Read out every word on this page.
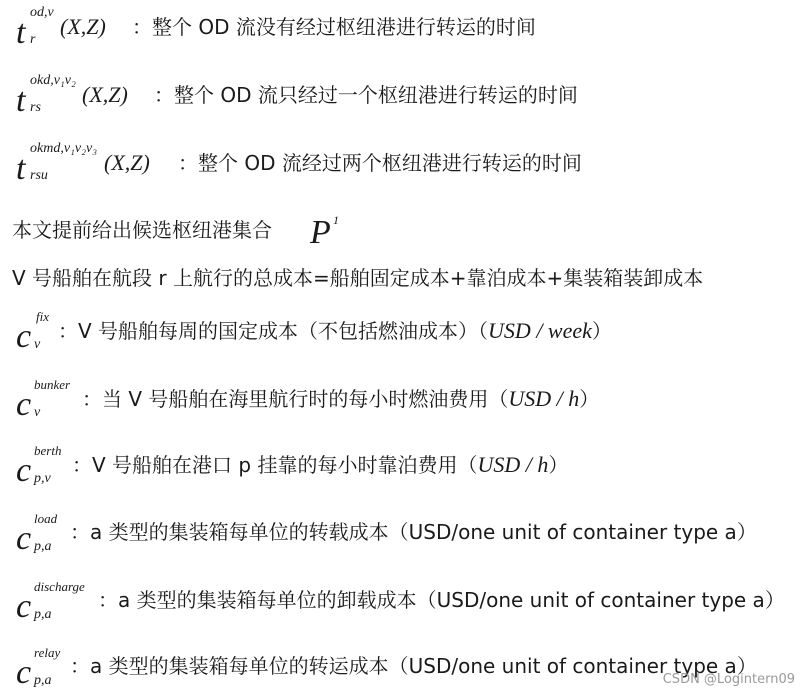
t
od,v
r
(X,Z) ：整个 OD 流没有经过枢纽港进行转运的时间
t
okd,v₁v₂
rs
(X,Z) ：整个 OD 流只经过一个枢纽港进行转运的时间
t
okmd,v₁v₂v₃
rsu
(X,Z) ：整个 OD 流经过两个枢纽港进行转运的时间
本文提前给出候选枢纽港集合 P 1
V 号船舶在航段 r 上航行的总成本=船舶固定成本+靠泊成本+集装箱装卸成本
c
fix
v
：V 号船舶每周的国定成本（不包括燃油成本）（USD / week）
c
bunker
v
：当 V 号船舶在海里航行时的每小时燃油费用（USD / h）
c
berth
p,v
：V 号船舶在港口 p 挂靠的每小时靠泊费用（USD / h）
c
load
p,a
：a 类型的集装箱每单位的转载成本（USD/one unit of container type a）
c
discharge
p,a
：a 类型的集装箱每单位的卸载成本（USD/one unit of container type a）
c
relay
p,a
：a 类型的集装箱每单位的转运成本（USD/one unit of container type a）
CSDN @Logintern09
